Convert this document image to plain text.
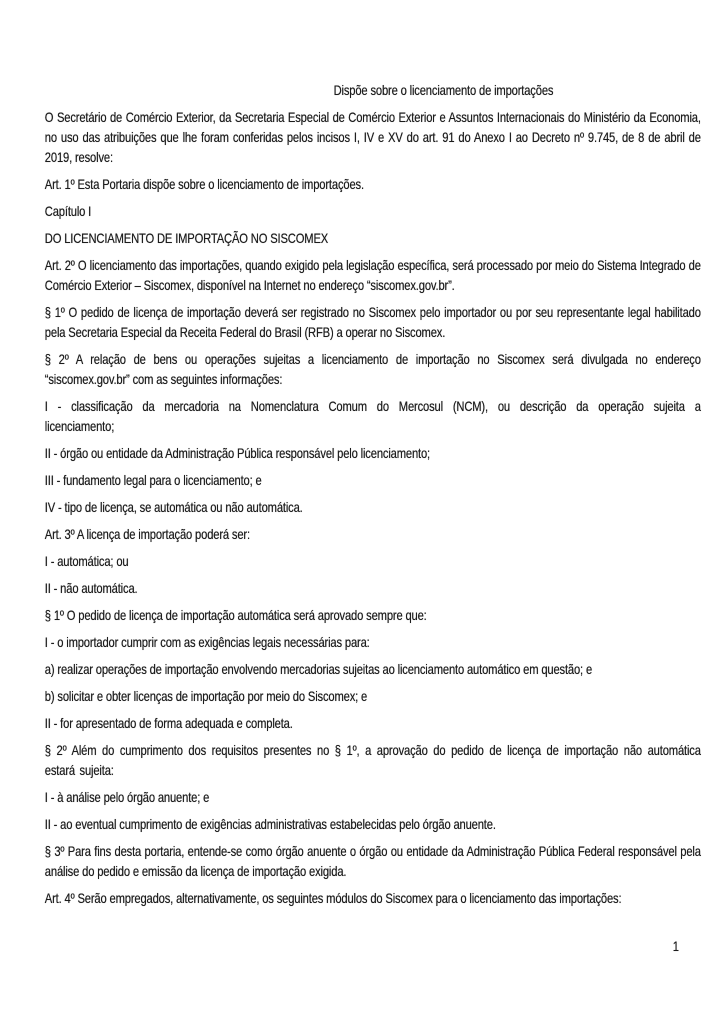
Dispõe sobre o licenciamento de importações

O Secretário de Comércio Exterior, da Secretaria Especial de Comércio Exterior e Assuntos Internacionais do Ministério da Economia, no uso das atribuições que lhe foram conferidas pelos incisos I, IV e XV do art. 91 do Anexo I ao Decreto nº 9.745, de 8 de abril de 2019, resolve:

Art. 1º Esta Portaria dispõe sobre o licenciamento de importações.

Capítulo I

DO LICENCIAMENTO DE IMPORTAÇÃO NO SISCOMEX

Art. 2º O licenciamento das importações, quando exigido pela legislação específica, será processado por meio do Sistema Integrado de Comércio Exterior – Siscomex, disponível na Internet no endereço “siscomex.gov.br”.

§ 1º O pedido de licença de importação deverá ser registrado no Siscomex pelo importador ou por seu representante legal habilitado pela Secretaria Especial da Receita Federal do Brasil (RFB) a operar no Siscomex.

§ 2º A relação de bens ou operações sujeitas a licenciamento de importação no Siscomex será divulgada no endereço “siscomex.gov.br” com as seguintes informações:

I - classificação da mercadoria na Nomenclatura Comum do Mercosul (NCM), ou descrição da operação sujeita a licenciamento;

II - órgão ou entidade da Administração Pública responsável pelo licenciamento;

III - fundamento legal para o licenciamento; e

IV - tipo de licença, se automática ou não automática.

Art. 3º A licença de importação poderá ser:

I - automática; ou

II - não automática.

§ 1º O pedido de licença de importação automática será aprovado sempre que:

I - o importador cumprir com as exigências legais necessárias para:

a) realizar operações de importação envolvendo mercadorias sujeitas ao licenciamento automático em questão; e

b) solicitar e obter licenças de importação por meio do Siscomex; e

II - for apresentado de forma adequada e completa.

§ 2º Além do cumprimento dos requisitos presentes no § 1º, a aprovação do pedido de licença de importação não automática estará sujeita:

I - à análise pelo órgão anuente; e

II - ao eventual cumprimento de exigências administrativas estabelecidas pelo órgão anuente.

§ 3º Para fins desta portaria, entende-se como órgão anuente o órgão ou entidade da Administração Pública Federal responsável pela análise do pedido e emissão da licença de importação exigida.

Art. 4º Serão empregados, alternativamente, os seguintes módulos do Siscomex para o licenciamento das importações:

1
